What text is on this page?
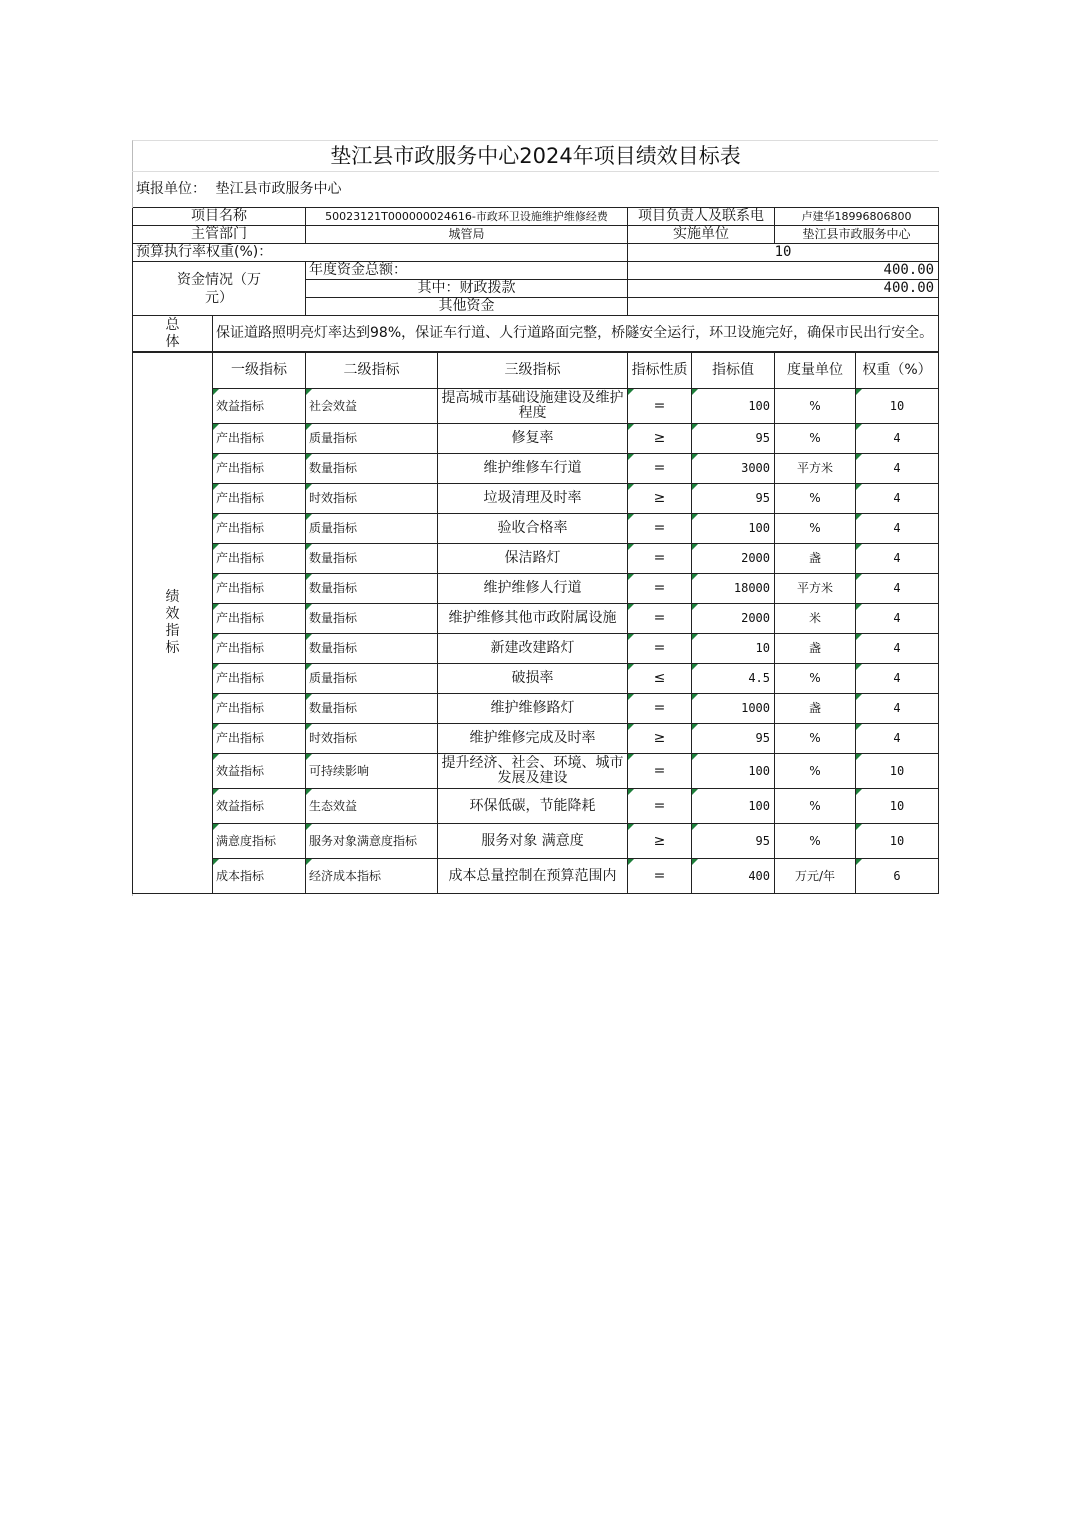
垫江县市政服务中心2024年项目绩效目标表
填报单位：	垫江县市政服务中心			
项目名称		50023121T000000024616-市政环卫设施维护维修经费	项目负责人及联系电	卢建华18996806800
主管部门		城管局	实施单位	垫江县市政服务中心
预算执行率权重(%)：			10	
资金情况（万元）		年度资金总额：	400.00	
		其中：财政拨款	400.00	
		其他资金		
总体	保证道路照明亮灯率达到98%，保证车行道、人行道路面完整，桥隧安全运行，环卫设施完好，确保市民出行安全。			
绩效指标	一级指标	二级指标	三级指标	指标性质	指标值	度量单位	权重（%）
	效益指标	社会效益	提高城市基础设施建设及维护程度	=	100	%	10
	产出指标	质量指标	修复率	≥	95	%	4
	产出指标	数量指标	维护维修车行道	=	3000	平方米	4
	产出指标	时效指标	垃圾清理及时率	≥	95	%	4
	产出指标	质量指标	验收合格率	=	100	%	4
	产出指标	数量指标	保洁路灯	=	2000	盏	4
	产出指标	数量指标	维护维修人行道	=	18000	平方米	4
	产出指标	数量指标	维护维修其他市政附属设施	=	2000	米	4
	产出指标	数量指标	新建改建路灯	=	10	盏	4
	产出指标	质量指标	破损率	≤	4.5	%	4
	产出指标	数量指标	维护维修路灯	=	1000	盏	4
	产出指标	时效指标	维护维修完成及时率	≥	95	%	4
	效益指标	可持续影响	提升经济、社会、环境、城市发展及建设	=	100	%	10
	效益指标	生态效益	环保低碳，节能降耗	=	100	%	10
	满意度指标	服务对象满意度指标	服务对象 满意度	≥	95	%	10
	成本指标	经济成本指标	成本总量控制在预算范围内	=	400	万元/年	6
